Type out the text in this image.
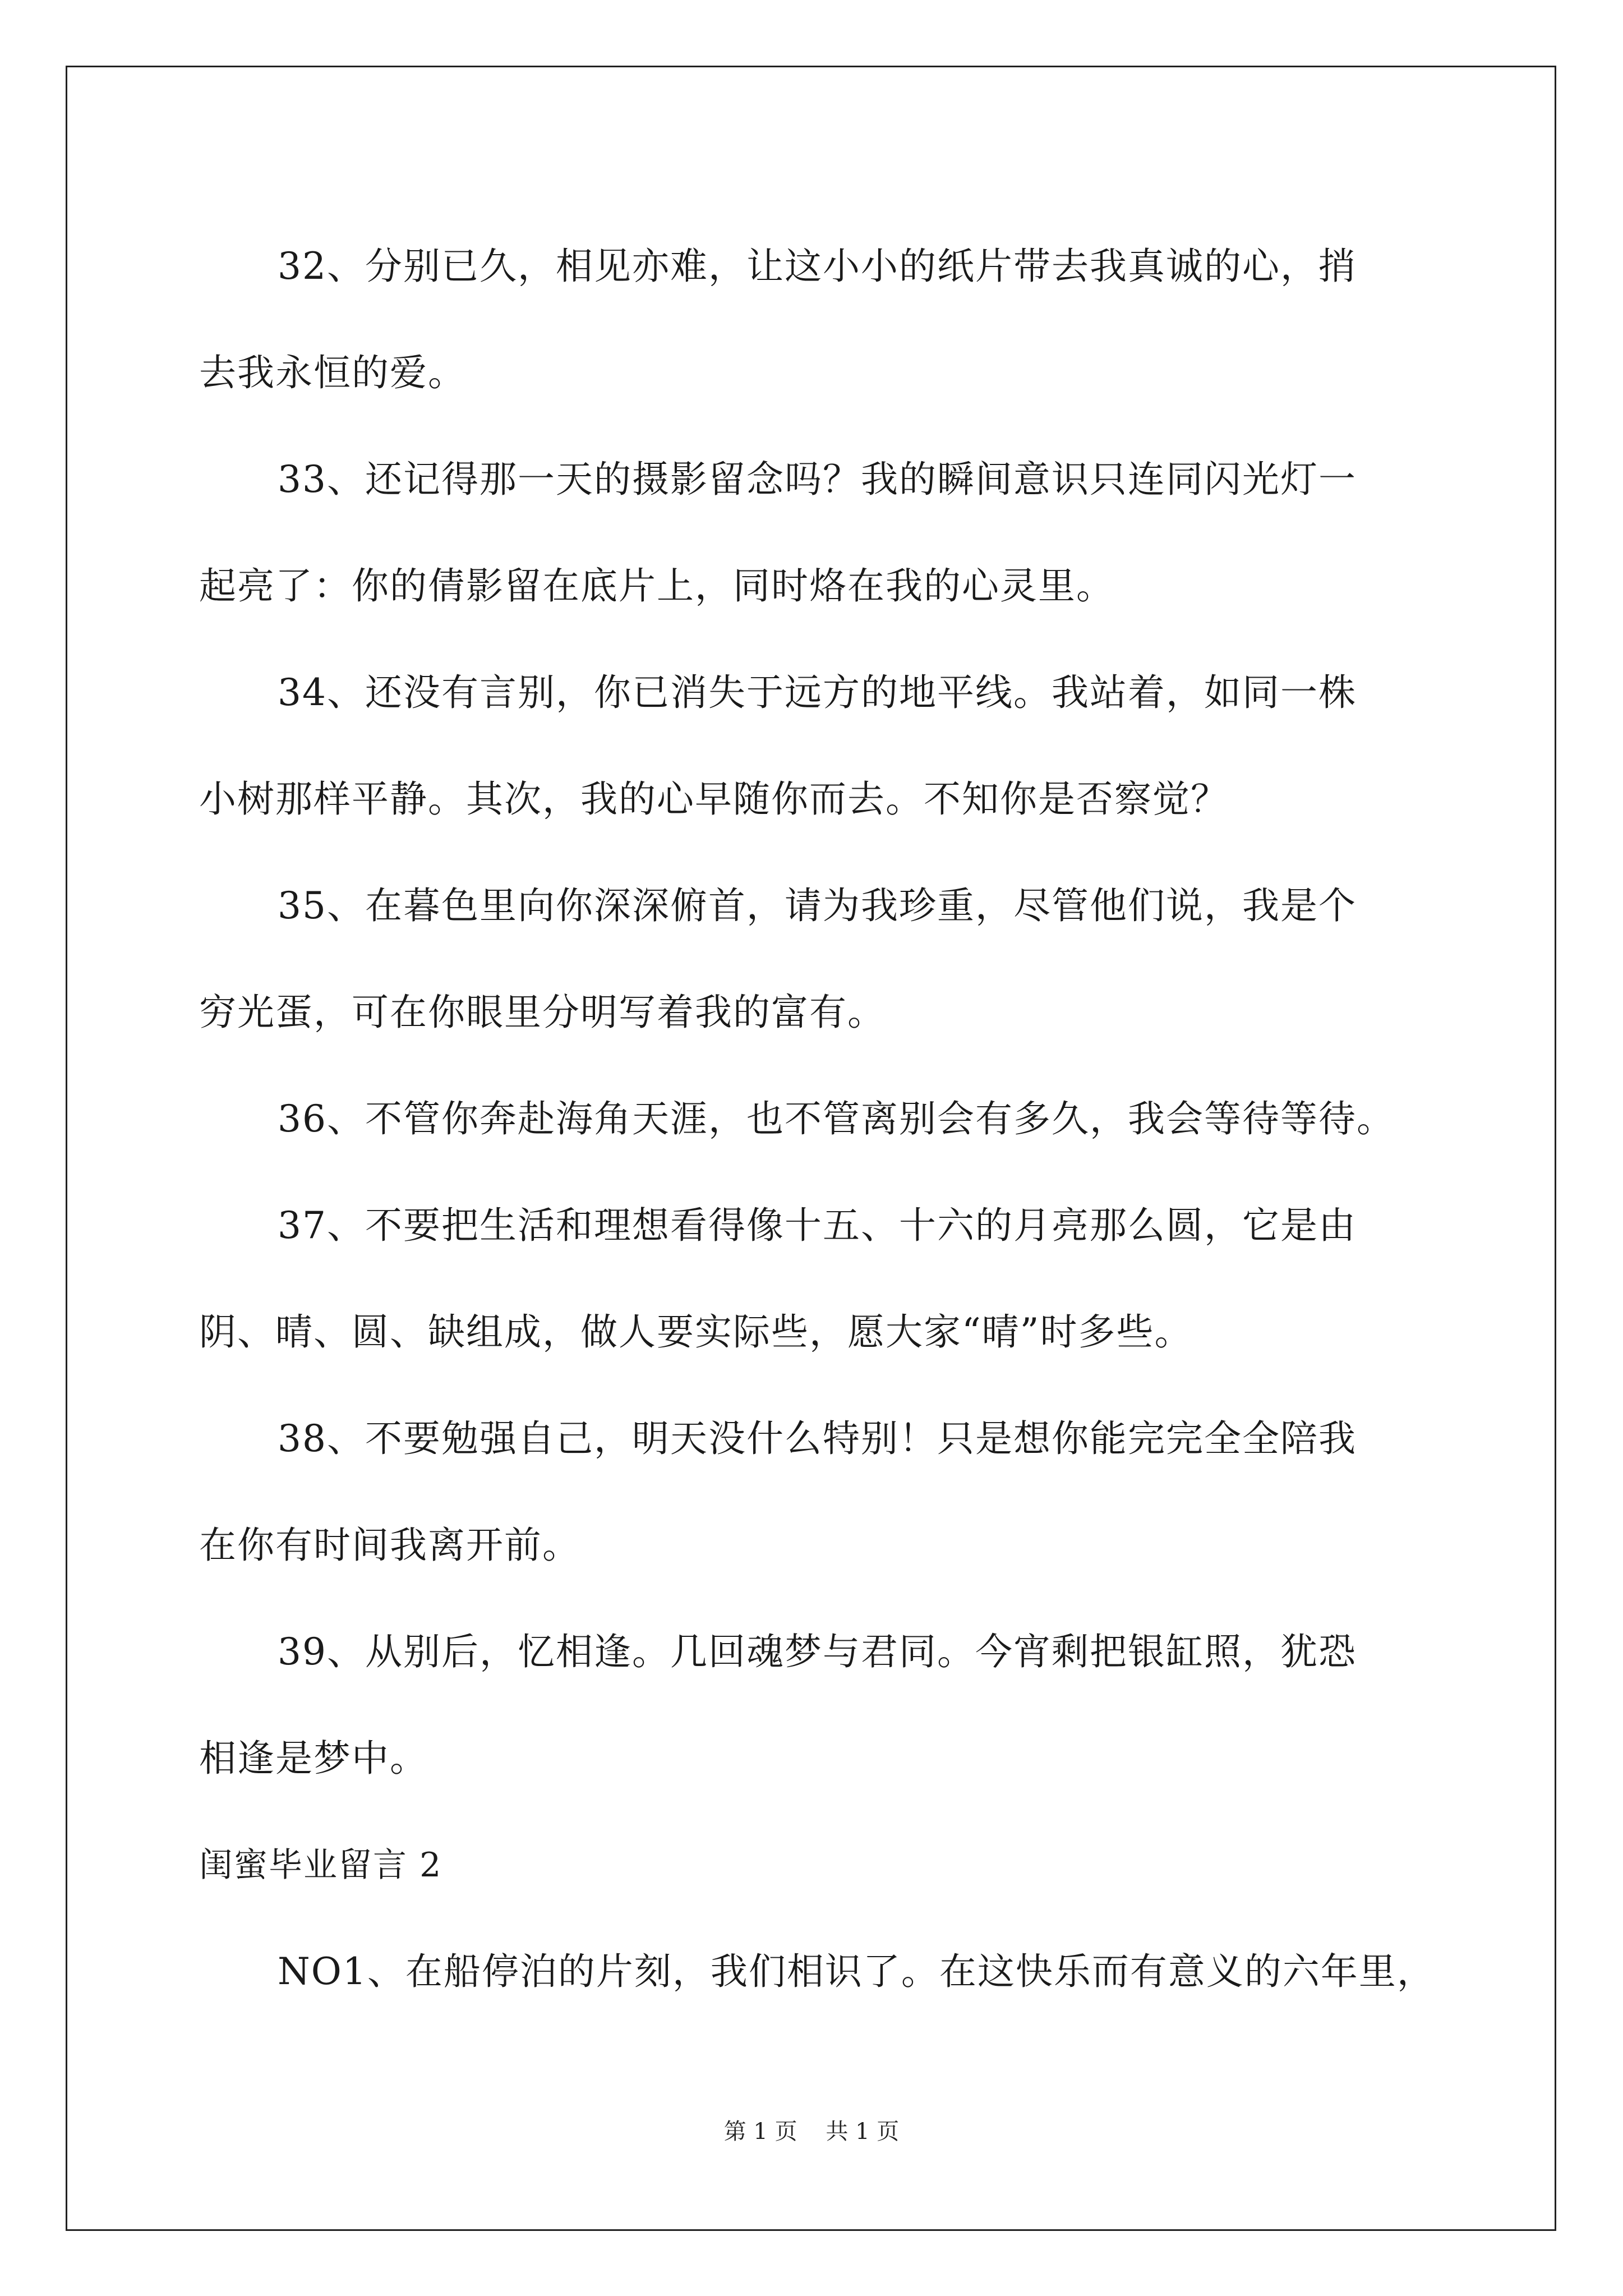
32、分别已久，相见亦难，让这小小的纸片带去我真诚的心，捎

去我永恒的爱。

33、还记得那一天的摄影留念吗？我的瞬间意识只连同闪光灯一

起亮了：你的倩影留在底片上，同时烙在我的心灵里。

34、还没有言别，你已消失于远方的地平线。我站着，如同一株

小树那样平静。其次，我的心早随你而去。不知你是否察觉？

35、在暮色里向你深深俯首，请为我珍重，尽管他们说，我是个

穷光蛋，可在你眼里分明写着我的富有。

36、不管你奔赴海角天涯，也不管离别会有多久，我会等待等待。

37、不要把生活和理想看得像十五、十六的月亮那么圆，它是由

阴、晴、圆、缺组成，做人要实际些，愿大家“晴”时多些。

38、不要勉强自己，明天没什么特别！只是想你能完完全全陪我

在你有时间我离开前。

39、从别后，忆相逢。几回魂梦与君同。今宵剩把银缸照，犹恐

相逢是梦中。

闺蜜毕业留言 2

NO1、在船停泊的片刻，我们相识了。在这快乐而有意义的六年里，

第 1 页    共 1 页
